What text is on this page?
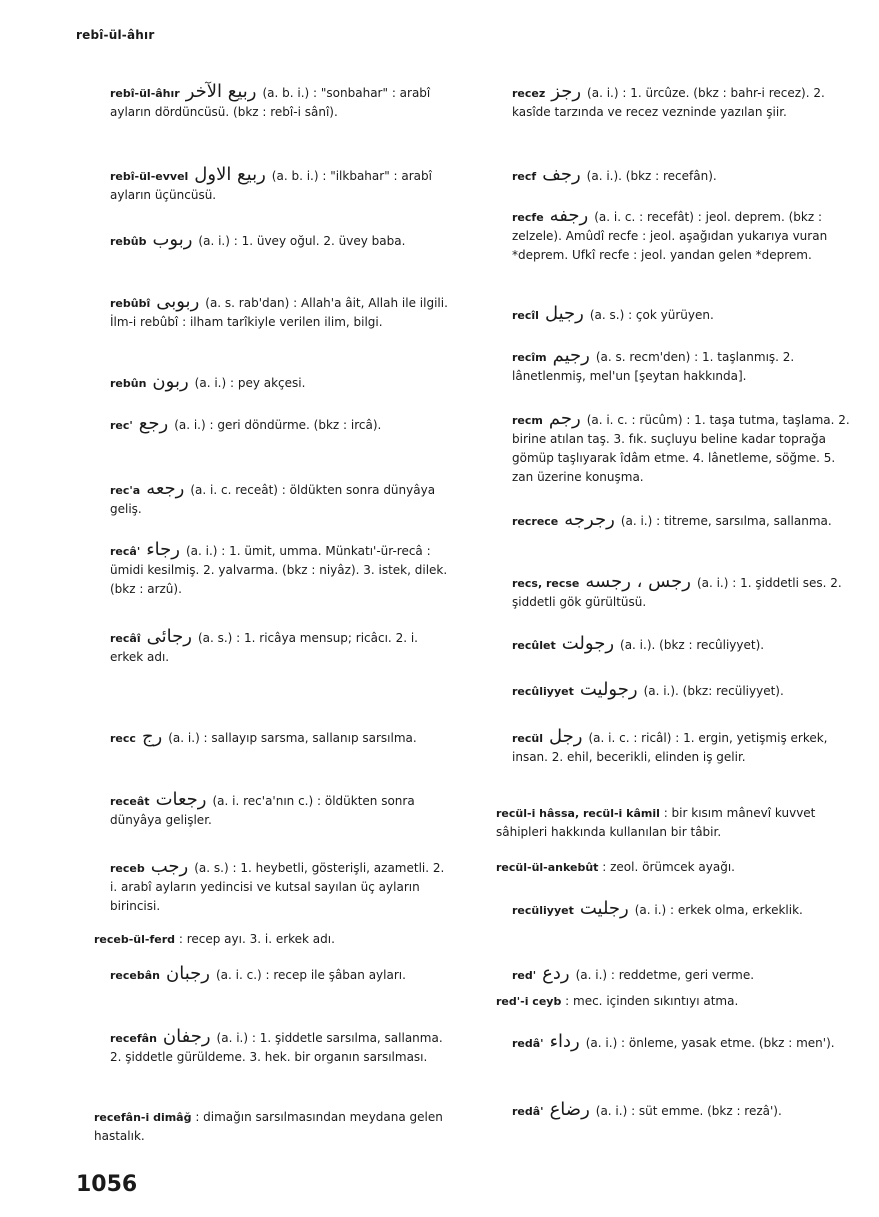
rebî-ül-âhır

rebî-ül-âhır ربيع الآخر (a. b. i.) : "sonbahar" : arabî ayların dördüncüsü. (bkz : rebî-i sânî).

rebî-ül-evvel ربيع الاول (a. b. i.) : "ilkbahar" : arabî ayların üçüncüsü.

rebûb ربوب (a. i.) : 1. üvey oğul. 2. üvey baba.

rebûbî ربوبى (a. s. rab'dan) : Allah'a âit, Allah ile ilgili. İlm-i rebûbî : ilham tarîkiyle verilen ilim, bilgi.

rebûn ربون (a. i.) : pey akçesi.

rec' رجع (a. i.) : geri döndürme. (bkz : ircâ).

rec'a رجعه (a. i. c. receât) : öldükten sonra dünyâya geliş.

recâ' رجاء (a. i.) : 1. ümit, umma. Münkatı'-ür-recâ : ümidi kesilmiş. 2. yalvarma. (bkz : niyâz). 3. istek, dilek. (bkz : arzû).

recâî رجائى (a. s.) : 1. ricâya mensup; ricâcı. 2. i. erkek adı.

recc رج (a. i.) : sallayıp sarsma, sallanıp sarsılma.

receât رجعات (a. i. rec'a'nın c.) : öldükten sonra dünyâya gelişler.

receb رجب (a. s.) : 1. heybetli, gösterişli, azametli. 2. i. arabî ayların yedincisi ve kutsal sayılan üç ayların birincisi.

receb-ül-ferd : recep ayı. 3. i. erkek adı.

recebân رجبان (a. i. c.) : recep ile şâban ayları.

recefân رجفان (a. i.) : 1. şiddetle sarsılma, sallanma. 2. şiddetle gürüldeme. 3. hek. bir organın sarsılması.

recefân-i dimâğ : dimağın sarsılmasından meydana gelen hastalık.

recez رجز (a. i.) : 1. ürcûze. (bkz : bahr-i recez). 2. kasîde tarzında ve recez vezninde yazılan şiir.

recf رجف (a. i.). (bkz : recefân).

recfe رجفه (a. i. c. : recefât) : jeol. deprem. (bkz : zelzele). Amûdî recfe : jeol. aşağıdan yukarıya vuran *deprem. Ufkî recfe : jeol. yandan gelen *deprem.

recîl رجيل (a. s.) : çok yürüyen.

recîm رجيم (a. s. recm'den) : 1. taşlanmış. 2. lânetlenmiş, mel'un [şeytan hakkında].

recm رجم (a. i. c. : rücûm) : 1. taşa tutma, taşlama. 2. birine atılan taş. 3. fık. suçluyu beline kadar toprağa gömüp taşlıyarak îdâm etme. 4. lânetleme, söğme. 5. zan üzerine konuşma.

recrece رجرجه (a. i.) : titreme, sarsılma, sallanma.

recs, recse رجس ، رجسه (a. i.) : 1. şiddetli ses. 2. şiddetli gök gürültüsü.

recûlet رجولت (a. i.). (bkz : recûliyyet).

recûliyyet رجوليت (a. i.). (bkz: recüliyyet).

recül رجل (a. i. c. : ricâl) : 1. ergin, yetişmiş erkek, insan. 2. ehil, becerikli, elinden iş gelir.

recül-i hâssa, recül-i kâmil : bir kısım mânevî kuvvet sâhipleri hakkında kullanılan bir tâbir.

recül-ül-ankebût : zeol. örümcek ayağı.

recüliyyet رجليت (a. i.) : erkek olma, erkeklik.

red' ردع (a. i.) : reddetme, geri verme.

red'-i ceyb : mec. içinden sıkıntıyı atma.

redâ' رداء (a. i.) : önleme, yasak etme. (bkz : men').

redâ' رضاع (a. i.) : süt emme. (bkz : rezâ').

1056
